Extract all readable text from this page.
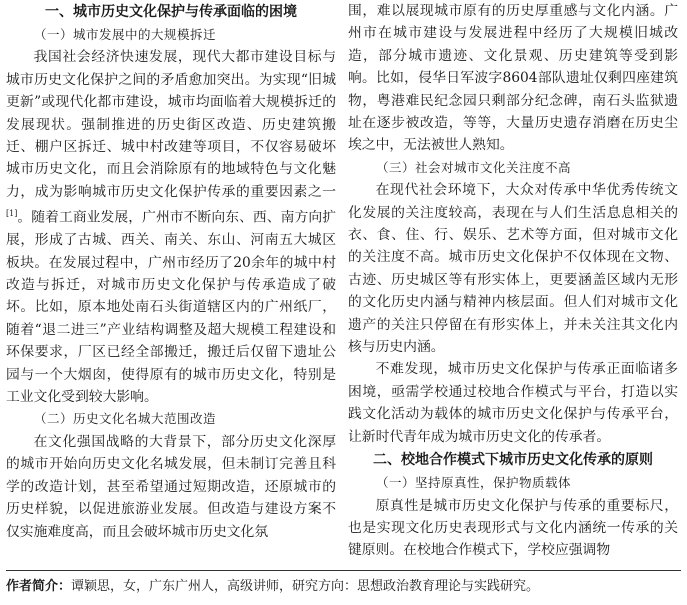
一、城市历史文化保护与传承面临的困境
（一）城市发展中的大规模拆迁
我国社会经济快速发展，现代大都市建设目标与城市历史文化保护之间的矛盾愈加突出。为实现“旧城更新”或现代化都市建设，城市均面临着大规模拆迁的发展现状。强制推进的历史街区改造、历史建筑搬迁、棚户区拆迁、城中村改建等项目，不仅容易破坏城市历史文化，而且会消除原有的地域特色与文化魅力，成为影响城市历史文化保护传承的重要因素之一[1]。随着工商业发展，广州市不断向东、西、南方向扩展，形成了古城、西关、南关、东山、河南五大城区板块。在发展过程中，广州市经历了20余年的城中村改造与拆迁，对城市历史文化保护与传承造成了破坏。比如，原本地处南石头街道辖区内的广州纸厂，随着“退二进三”产业结构调整及超大规模工程建设和环保要求，厂区已经全部搬迁，搬迁后仅留下遗址公园与一个大烟囱，使得原有的城市历史文化，特别是工业文化受到较大影响。
（二）历史文化名城大范围改造
在文化强国战略的大背景下，部分历史文化深厚的城市开始向历史文化名城发展，但未制订完善且科学的改造计划，甚至希望通过短期改造，还原城市的历史样貌，以促进旅游业发展。但改造与建设方案不仅实施难度高，而且会破坏城市历史文化氛
围，难以展现城市原有的历史厚重感与文化内涵。广州市在城市建设与发展进程中经历了大规模旧城改造，部分城市遗迹、文化景观、历史建筑等受到影响。比如，侵华日军波字8604部队遗址仅剩四座建筑物，粤港难民纪念园只剩部分纪念碑，南石头监狱遗址在逐步被改造，等等，大量历史遗存消磨在历史尘埃之中，无法被世人熟知。
（三）社会对城市文化关注度不高
在现代社会环境下，大众对传承中华优秀传统文化发展的关注度较高，表现在与人们生活息息相关的衣、食、住、行、娱乐、艺术等方面，但对城市文化的关注度不高。城市历史文化保护不仅体现在文物、古迹、历史城区等有形实体上，更要涵盖区域内无形的文化历史内涵与精神内核层面。但人们对城市文化遗产的关注只停留在有形实体上，并未关注其文化内核与历史内涵。
不难发现，城市历史文化保护与传承正面临诸多困境，亟需学校通过校地合作模式与平台，打造以实践文化活动为载体的城市历史文化保护与传承平台，让新时代青年成为城市历史文化的传承者。
二、校地合作模式下城市历史文化传承的原则
（一）坚持原真性，保护物质载体
原真性是城市历史文化保护与传承的重要标尺，也是实现文化历史表现形式与文化内涵统一传承的关键原则。在校地合作模式下，学校应强调物
作者简介：谭颖思，女，广东广州人，高级讲师，研究方向：思想政治教育理论与实践研究。
